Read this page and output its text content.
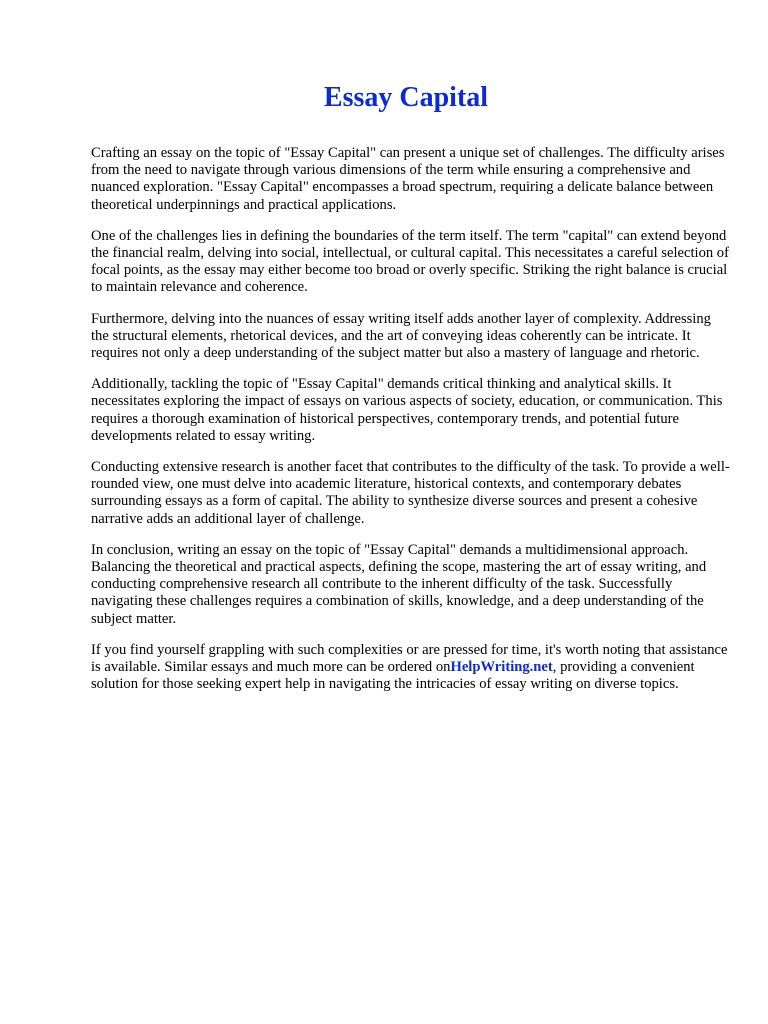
Essay Capital

Crafting an essay on the topic of "Essay Capital" can present a unique set of challenges. The difficulty arises from the need to navigate through various dimensions of the term while ensuring a comprehensive and nuanced exploration. "Essay Capital" encompasses a broad spectrum, requiring a delicate balance between theoretical underpinnings and practical applications.

One of the challenges lies in defining the boundaries of the term itself. The term "capital" can extend beyond the financial realm, delving into social, intellectual, or cultural capital. This necessitates a careful selection of focal points, as the essay may either become too broad or overly specific. Striking the right balance is crucial to maintain relevance and coherence.

Furthermore, delving into the nuances of essay writing itself adds another layer of complexity. Addressing the structural elements, rhetorical devices, and the art of conveying ideas coherently can be intricate. It requires not only a deep understanding of the subject matter but also a mastery of language and rhetoric.

Additionally, tackling the topic of "Essay Capital" demands critical thinking and analytical skills. It necessitates exploring the impact of essays on various aspects of society, education, or communication. This requires a thorough examination of historical perspectives, contemporary trends, and potential future developments related to essay writing.

Conducting extensive research is another facet that contributes to the difficulty of the task. To provide a well-rounded view, one must delve into academic literature, historical contexts, and contemporary debates surrounding essays as a form of capital. The ability to synthesize diverse sources and present a cohesive narrative adds an additional layer of challenge.

In conclusion, writing an essay on the topic of "Essay Capital" demands a multidimensional approach. Balancing the theoretical and practical aspects, defining the scope, mastering the art of essay writing, and conducting comprehensive research all contribute to the inherent difficulty of the task. Successfully navigating these challenges requires a combination of skills, knowledge, and a deep understanding of the subject matter.

If you find yourself grappling with such complexities or are pressed for time, it's worth noting that assistance is available. Similar essays and much more can be ordered onHelpWriting.net, providing a convenient solution for those seeking expert help in navigating the intricacies of essay writing on diverse topics.
